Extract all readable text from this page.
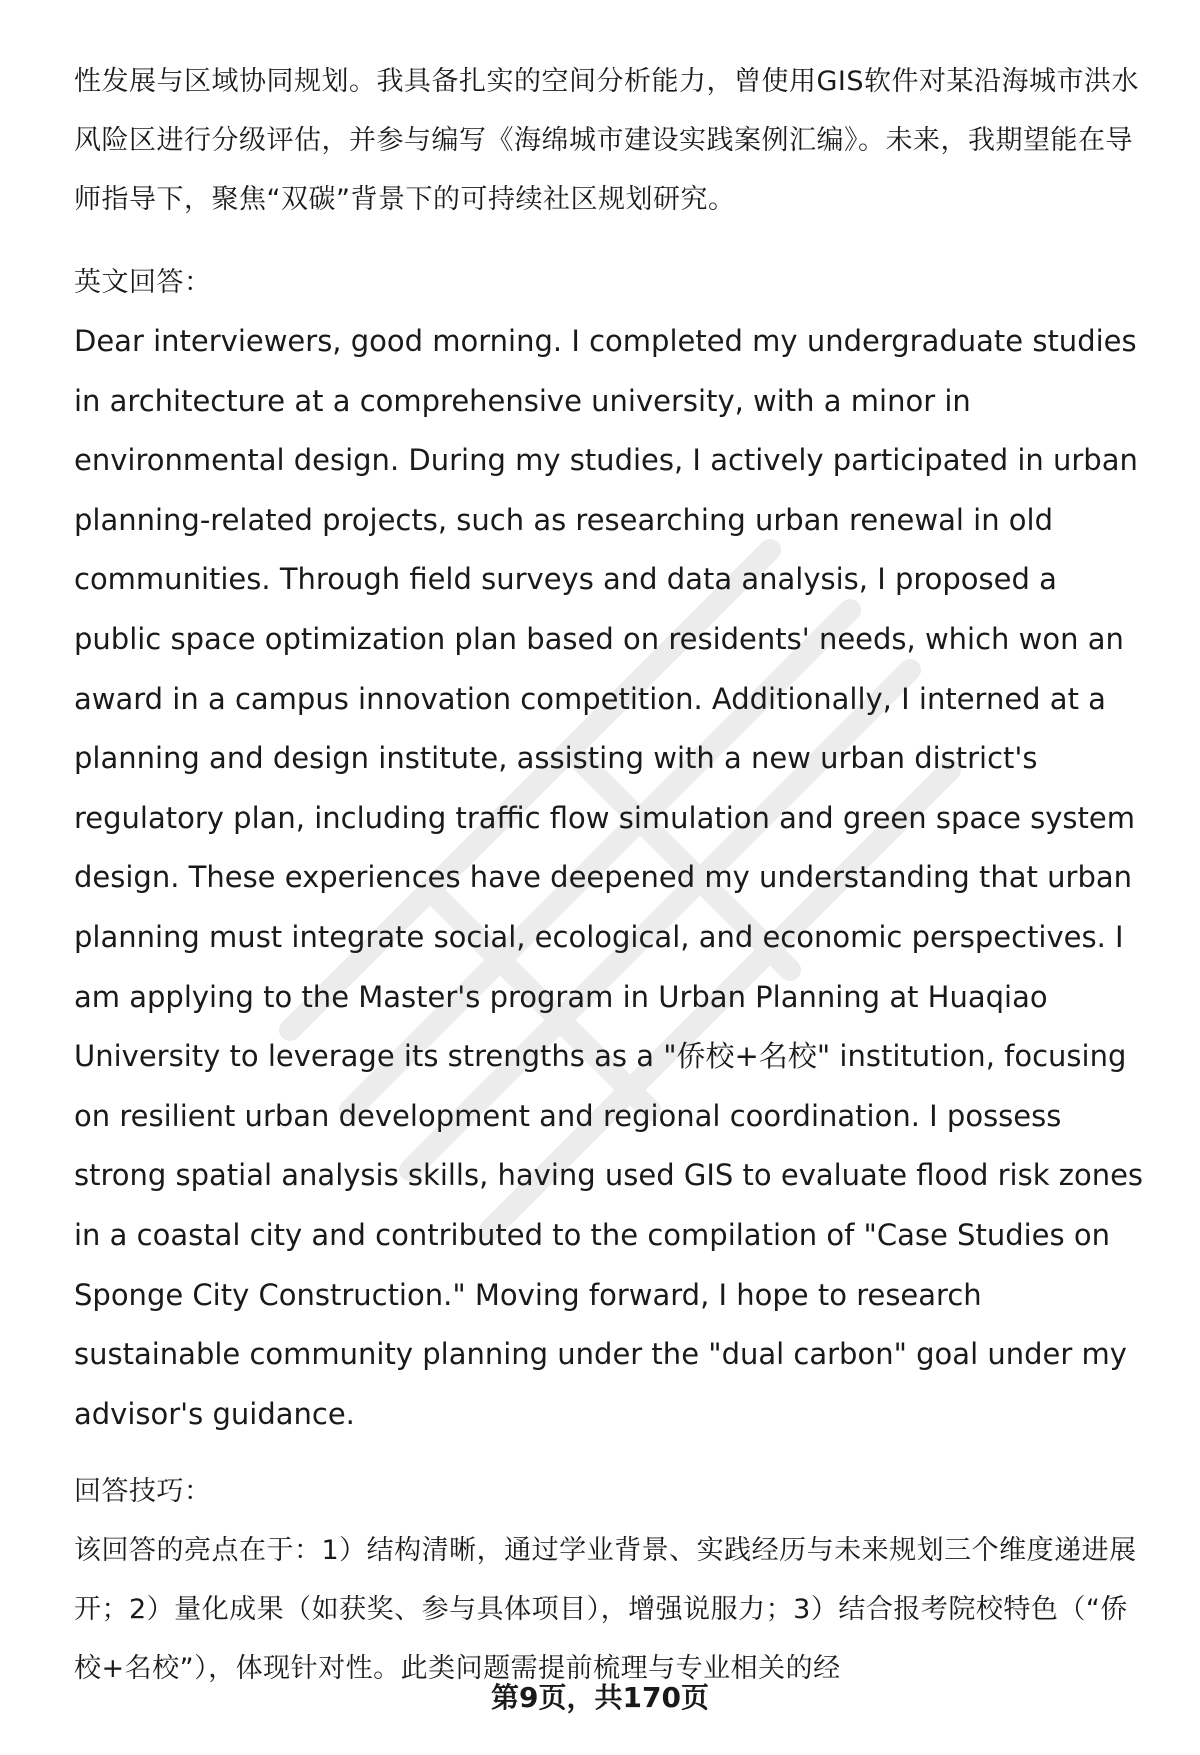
性发展与区域协同规划。我具备扎实的空间分析能力，曾使用GIS软件对某沿海城市洪水风险区进行分级评估，并参与编写《海绵城市建设实践案例汇编》。未来，我期望能在导师指导下，聚焦“双碳”背景下的可持续社区规划研究。

英文回答：

Dear interviewers, good morning. I completed my undergraduate studies in architecture at a comprehensive university, with a minor in environmental design. During my studies, I actively participated in urban planning-related projects, such as researching urban renewal in old communities. Through field surveys and data analysis, I proposed a public space optimization plan based on residents' needs, which won an award in a campus innovation competition. Additionally, I interned at a planning and design institute, assisting with a new urban district's regulatory plan, including traffic flow simulation and green space system design. These experiences have deepened my understanding that urban planning must integrate social, ecological, and economic perspectives. I am applying to the Master's program in Urban Planning at Huaqiao University to leverage its strengths as a "侨校+名校" institution, focusing on resilient urban development and regional coordination. I possess strong spatial analysis skills, having used GIS to evaluate flood risk zones in a coastal city and contributed to the compilation of "Case Studies on Sponge City Construction." Moving forward, I hope to research sustainable community planning under the "dual carbon" goal under my advisor's guidance.

回答技巧：

该回答的亮点在于：1）结构清晰，通过学业背景、实践经历与未来规划三个维度递进展开；2）量化成果（如获奖、参与具体项目），增强说服力；3）结合报考院校特色（“侨校+名校”），体现针对性。此类问题需提前梳理与专业相关的经

第9页，共170页
